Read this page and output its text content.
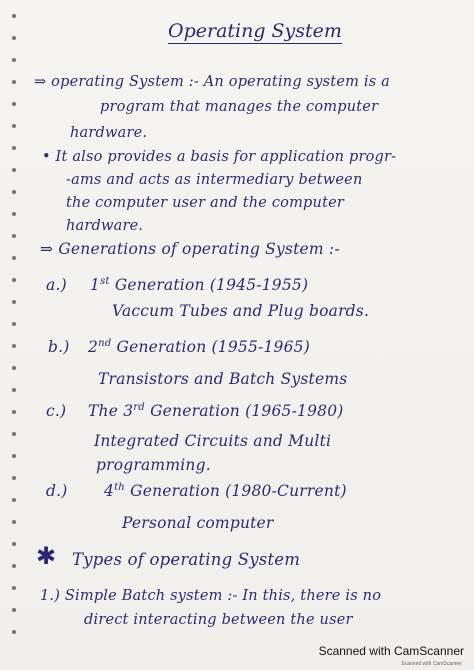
Operating System
⇒ operating System :- An operating system is a
program that manages the computer
hardware.
• It also provides a basis for application progr-
-ams and acts as intermediary between
the computer user and the computer
hardware.
⇒ Generations of operating System :-
a.) 1st Generation (1945-1955)
Vaccum Tubes and Plug boards.
b.) 2nd Generation (1955-1965)
Transistors and Batch Systems
c.) The 3rd Generation (1965-1980)
Integrated Circuits and Multi
programming.
d.) 4th Generation (1980-Current)
Personal computer
✱ Types of operating System
1.) Simple Batch system :- In this, there is no
direct interacting between the user
Scanned with CamScanner
Scanned with CamScanner
